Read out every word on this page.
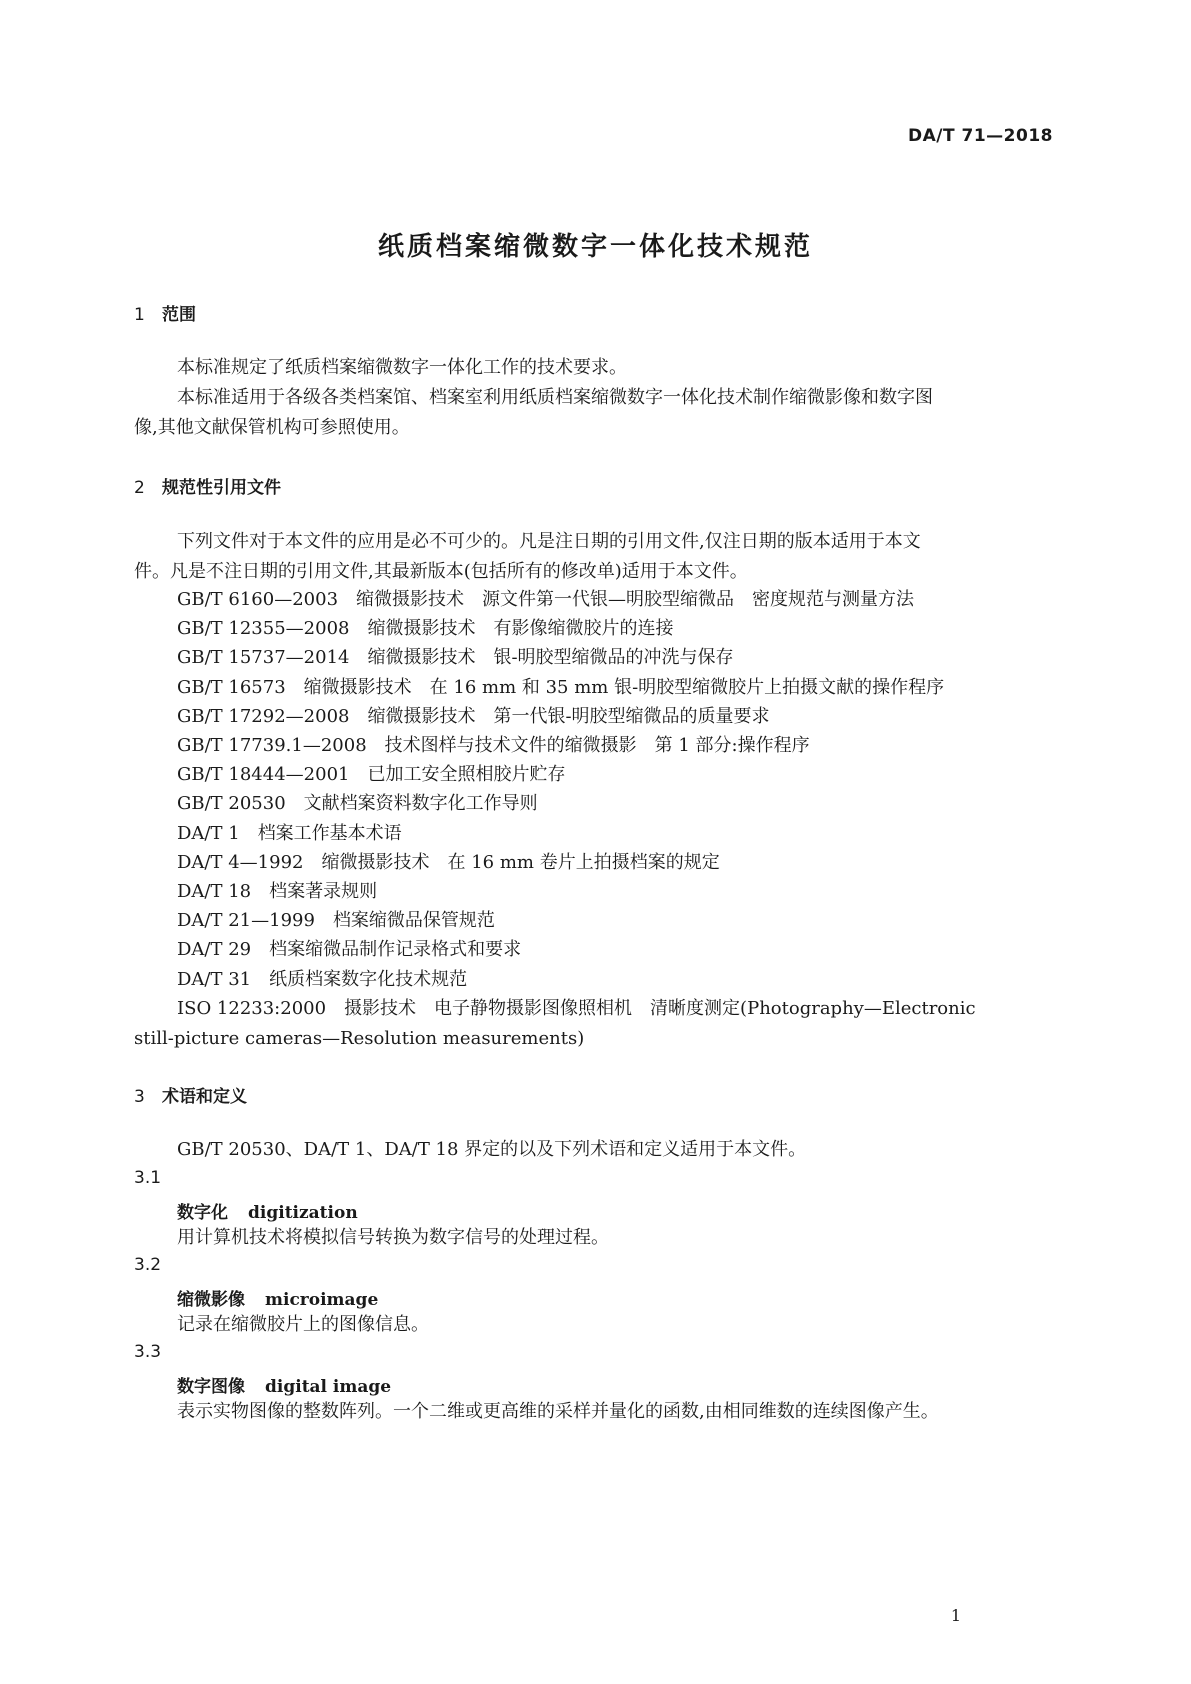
DA/T 71—2018
纸质档案缩微数字一体化技术规范
1 范围
本标准规定了纸质档案缩微数字一体化工作的技术要求。
本标准适用于各级各类档案馆、档案室利用纸质档案缩微数字一体化技术制作缩微影像和数字图
像,其他文献保管机构可参照使用。
2 规范性引用文件
下列文件对于本文件的应用是必不可少的。凡是注日期的引用文件,仅注日期的版本适用于本文
件。凡是不注日期的引用文件,其最新版本(包括所有的修改单)适用于本文件。
GB/T 6160—2003 缩微摄影技术　源文件第一代银—明胶型缩微品　密度规范与测量方法
GB/T 12355—2008 缩微摄影技术　有影像缩微胶片的连接
GB/T 15737—2014 缩微摄影技术　银-明胶型缩微品的冲洗与保存
GB/T 16573 缩微摄影技术　在 16 mm 和 35 mm 银-明胶型缩微胶片上拍摄文献的操作程序
GB/T 17292—2008 缩微摄影技术　第一代银-明胶型缩微品的质量要求
GB/T 17739.1—2008 技术图样与技术文件的缩微摄影　第 1 部分:操作程序
GB/T 18444—2001 已加工安全照相胶片贮存
GB/T 20530 文献档案资料数字化工作导则
DA/T 1 档案工作基本术语
DA/T 4—1992 缩微摄影技术　在 16 mm 卷片上拍摄档案的规定
DA/T 18 档案著录规则
DA/T 21—1999 档案缩微品保管规范
DA/T 29 档案缩微品制作记录格式和要求
DA/T 31 纸质档案数字化技术规范
ISO 12233:2000 摄影技术　电子静物摄影图像照相机　清晰度测定(Photography—Electronic
still-picture cameras—Resolution measurements)
3 术语和定义
GB/T 20530、DA/T 1、DA/T 18 界定的以及下列术语和定义适用于本文件。
3.1
数字化 digitization
用计算机技术将模拟信号转换为数字信号的处理过程。
3.2
缩微影像 microimage
记录在缩微胶片上的图像信息。
3.3
数字图像 digital image
表示实物图像的整数阵列。一个二维或更高维的采样并量化的函数,由相同维数的连续图像产生。
1
